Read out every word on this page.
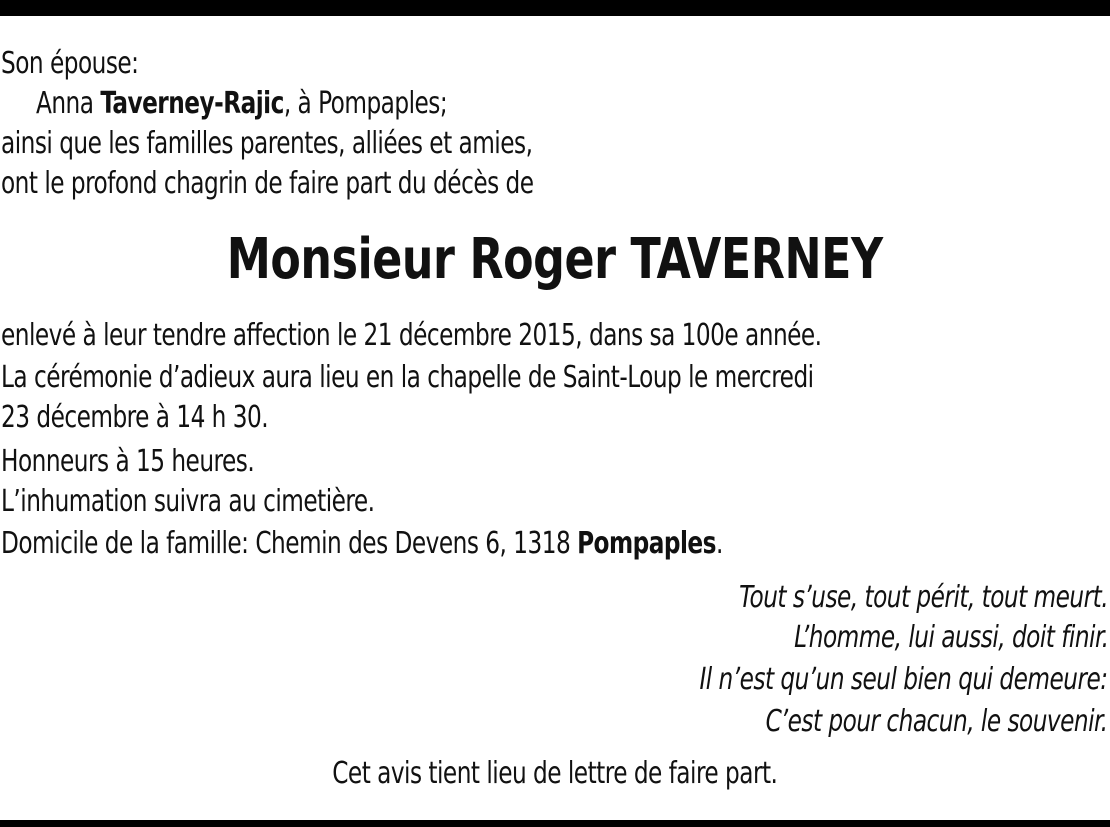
Son épouse:
Anna Taverney-Rajic, à Pompaples;
ainsi que les familles parentes, alliées et amies,
ont le profond chagrin de faire part du décès de
Monsieur Roger TAVERNEY
enlevé à leur tendre affection le 21 décembre 2015, dans sa 100e année.
La cérémonie d’adieux aura lieu en la chapelle de Saint-Loup le mercredi
23 décembre à 14 h 30.
Honneurs à 15 heures.
L’inhumation suivra au cimetière.
Domicile de la famille: Chemin des Devens 6, 1318 Pompaples.
Tout s’use, tout périt, tout meurt.
L’homme, lui aussi, doit finir.
Il n’est qu’un seul bien qui demeure:
C’est pour chacun, le souvenir.
Cet avis tient lieu de lettre de faire part.
